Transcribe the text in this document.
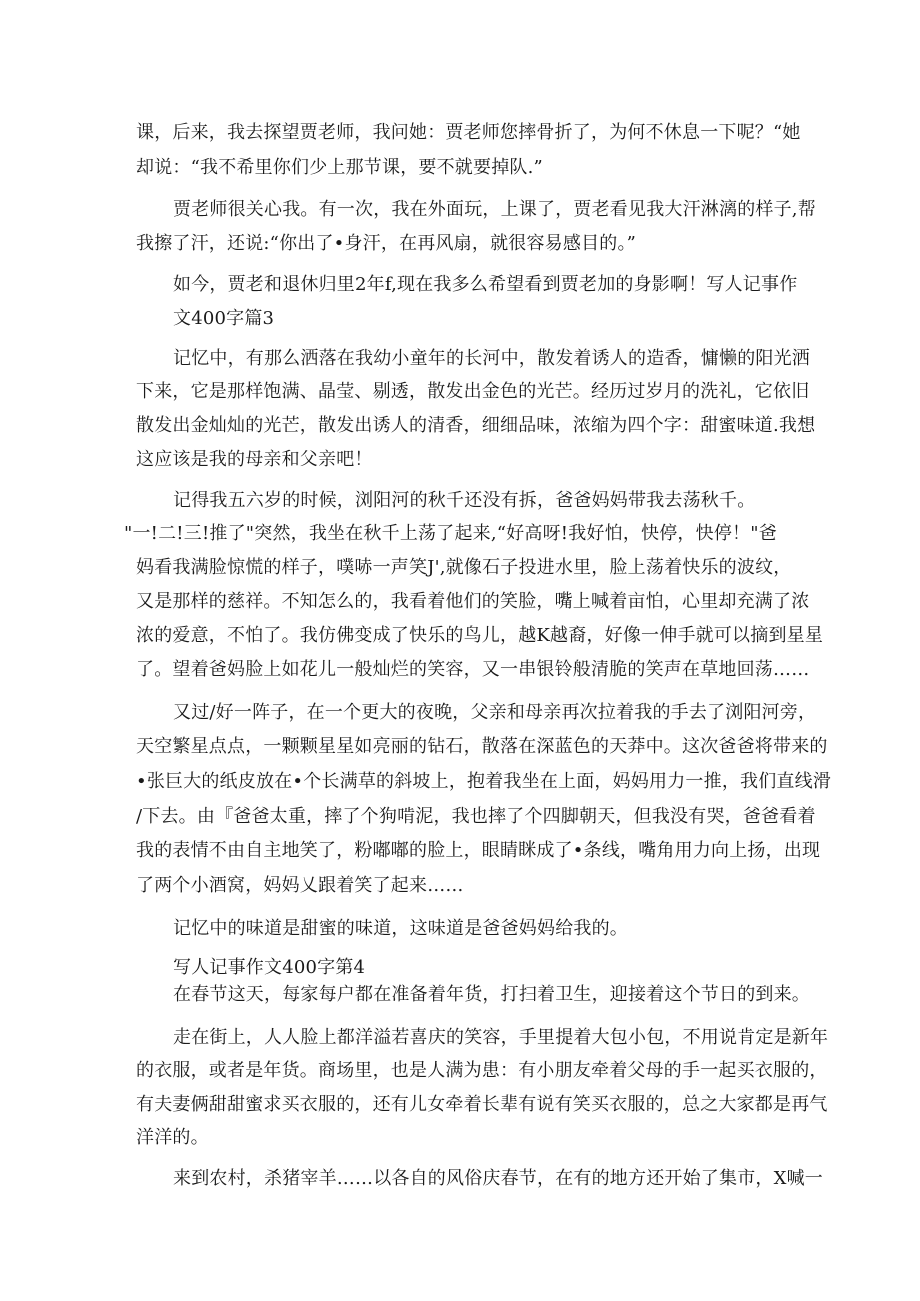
课，后来，我去探望贾老师，我问她：贾老师您摔骨折了，为何不休息一下呢？“她
却说：“我不希里你们少上那节课，要不就要掉队.”
贾老师很关心我。有一次，我在外面玩，上课了，贾老看见我大汗淋漓的样子,帮
我擦了汗，还说:“你出了•身汗，在再风扇，就很容易感目的。”
如今，贾老和退休归里2年f,现在我多么希望看到贾老加的身影啊！写人记事作
文400字篇3
记忆中，有那么洒落在我幼小童年的长河中，散发着诱人的造香，慵懒的阳光洒
下来，它是那样饱满、晶莹、剔透，散发出金色的光芒。经历过岁月的洗礼，它依旧
散发出金灿灿的光芒，散发出诱人的清香，细细品味，浓缩为四个字：甜蜜味道.我想
这应该是我的母亲和父亲吧！
记得我五六岁的时候，浏阳河的秋千还没有拆，爸爸妈妈带我去荡秋千。
"一!二!三!推了"突然，我坐在秋千上荡了起来,“好高呀!我好怕，快停，快停！"爸
妈看我满脸惊慌的样子，噗哧一声笑J',就像石子投进水里，脸上荡着快乐的波纹，
又是那样的慈祥。不知怎么的，我看着他们的笑脸，嘴上喊着亩怕，心里却充满了浓
浓的爱意，不怕了。我仿佛变成了快乐的鸟儿，越K越裔，好像一伸手就可以摘到星星
了。望着爸妈脸上如花儿一般灿烂的笑容，又一串银铃般清脆的笑声在草地回荡……
又过/好一阵子，在一个更大的夜晚，父亲和母亲再次拉着我的手去了浏阳河旁，
天空繁星点点，一颗颗星星如亮丽的钻石，散落在深蓝色的天莽中。这次爸爸将带来的
•张巨大的纸皮放在•个长满草的斜坡上，抱着我坐在上面，妈妈用力一推，我们直线滑
/下去。由『爸爸太重，摔了个狗啃泥，我也摔了个四脚朝天，但我没有哭，爸爸看着
我的表情不由自主地笑了，粉嘟嘟的脸上，眼睛眯成了•条线，嘴角用力向上扬，出现
了两个小酒窝，妈妈乂跟着笑了起来……
记忆中的味道是甜蜜的味道，这味道是爸爸妈妈给我的。
写人记事作文400字第4
在春节这天，每家每户都在准备着年货，打扫着卫生，迎接着这个节日的到来。
走在街上，人人脸上都洋溢若喜庆的笑容，手里提着大包小包，不用说肯定是新年
的衣服，或者是年货。商场里，也是人满为患：有小朋友牵着父母的手一起买衣服的，
有夫妻俩甜甜蜜求买衣服的，还有儿女牵着长辈有说有笑买衣服的，总之大家都是再气
洋洋的。
来到农村，杀猪宰羊……以各自的风俗庆春节，在有的地方还开始了集市，X喊一
